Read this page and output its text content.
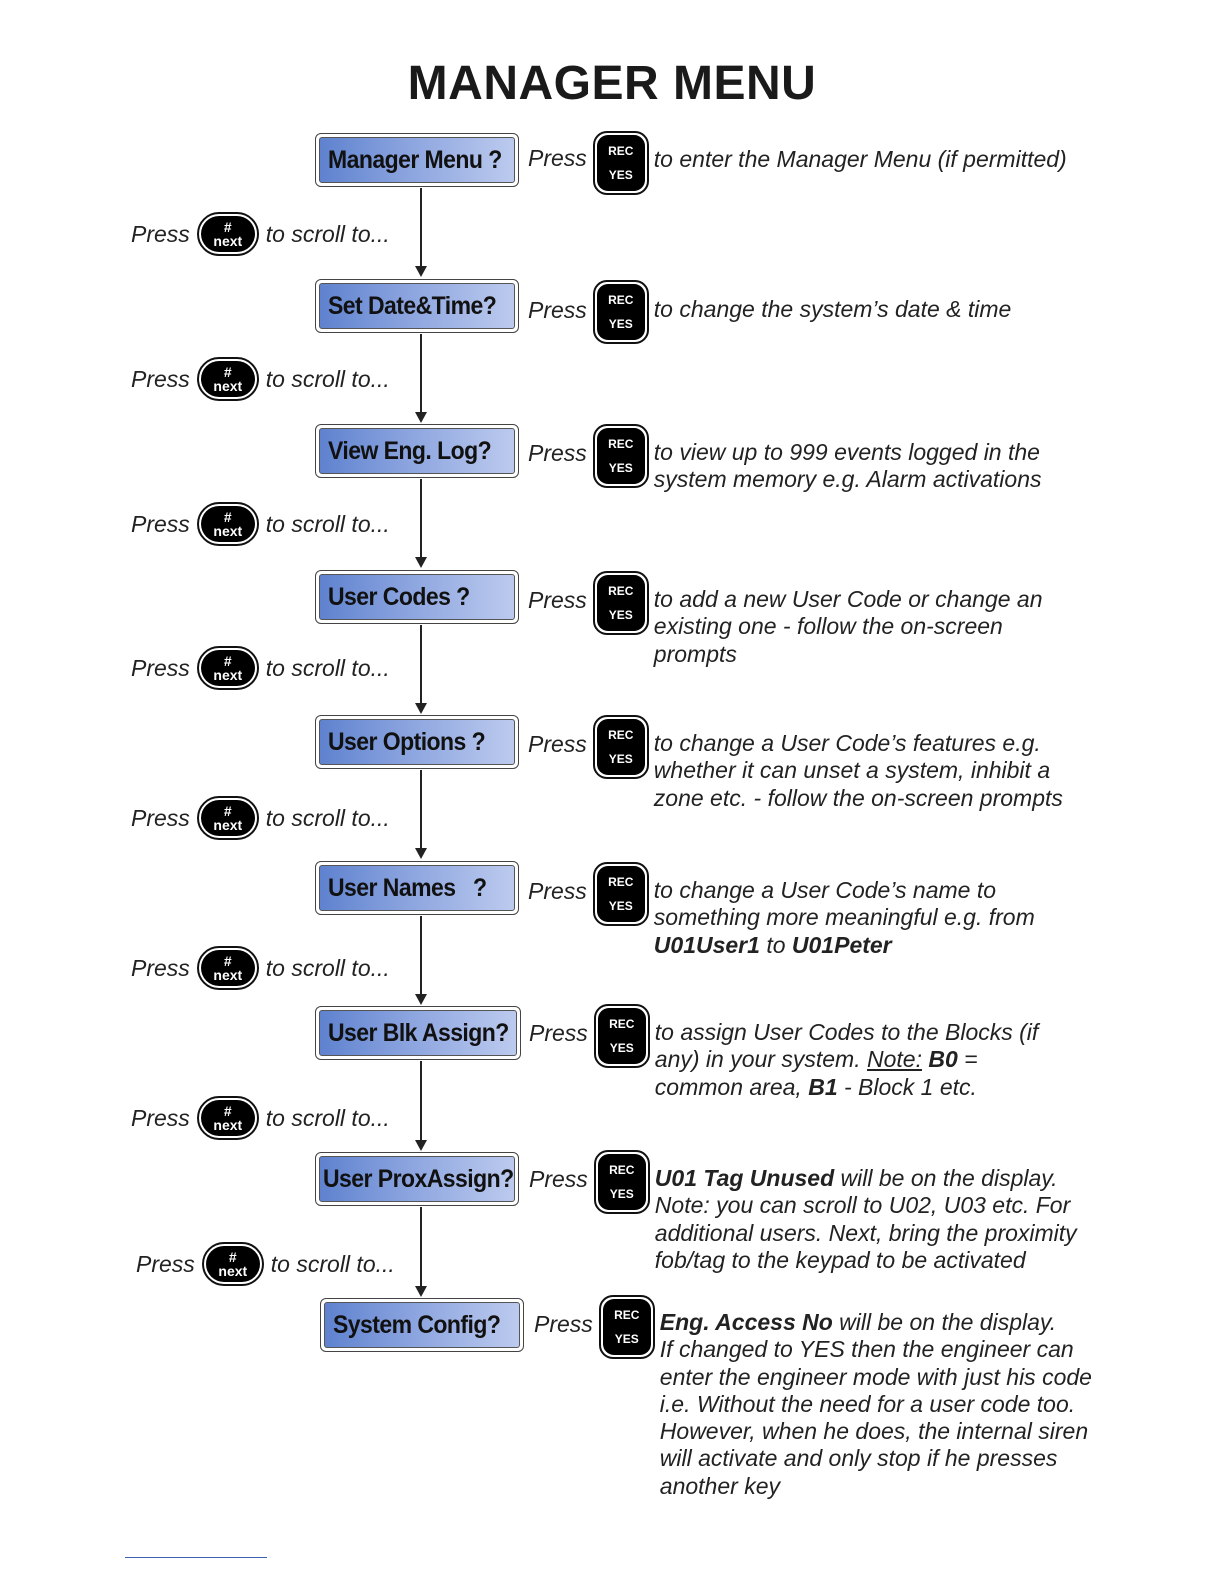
MANAGER MENU
Manager Menu ?
Set Date&Time?
View Eng. Log?
User Codes ?
User Options ?
User Names   ?
User Blk Assign?
User ProxAssign?
System Config?
Press #
next to scroll to...
Press #
next to scroll to...
Press #
next to scroll to...
Press #
next to scroll to...
Press #
next to scroll to...
Press #
next to scroll to...
Press #
next to scroll to...
Press #
next to scroll to...
Press REC
YES
to enter the Manager Menu (if permitted)
Press REC
YES
to change the system’s date & time
Press REC
YES
to view up to 999 events logged in the
system memory e.g. Alarm activations
Press REC
YES
to add a new User Code or change an
existing one - follow the on-screen
prompts
Press REC
YES
to change a User Code’s features e.g.
whether it can unset a system, inhibit a
zone etc. - follow the on-screen prompts
Press REC
YES
to change a User Code’s name to
something more meaningful e.g. from
U01User1 to U01Peter
Press REC
YES
to assign User Codes to the Blocks (if
any) in your system. Note: B0 =
common area, B1 - Block 1 etc.
Press REC
YES
U01 Tag Unused will be on the display.
Note: you can scroll to U02, U03 etc. For
additional users. Next, bring the proximity
fob/tag to the keypad to be activated
Press REC
YES
Eng. Access No will be on the display.
If changed to YES then the engineer can
enter the engineer mode with just his code
i.e. Without the need for a user code too.
However, when he does, the internal siren
will activate and only stop if he presses
another key
